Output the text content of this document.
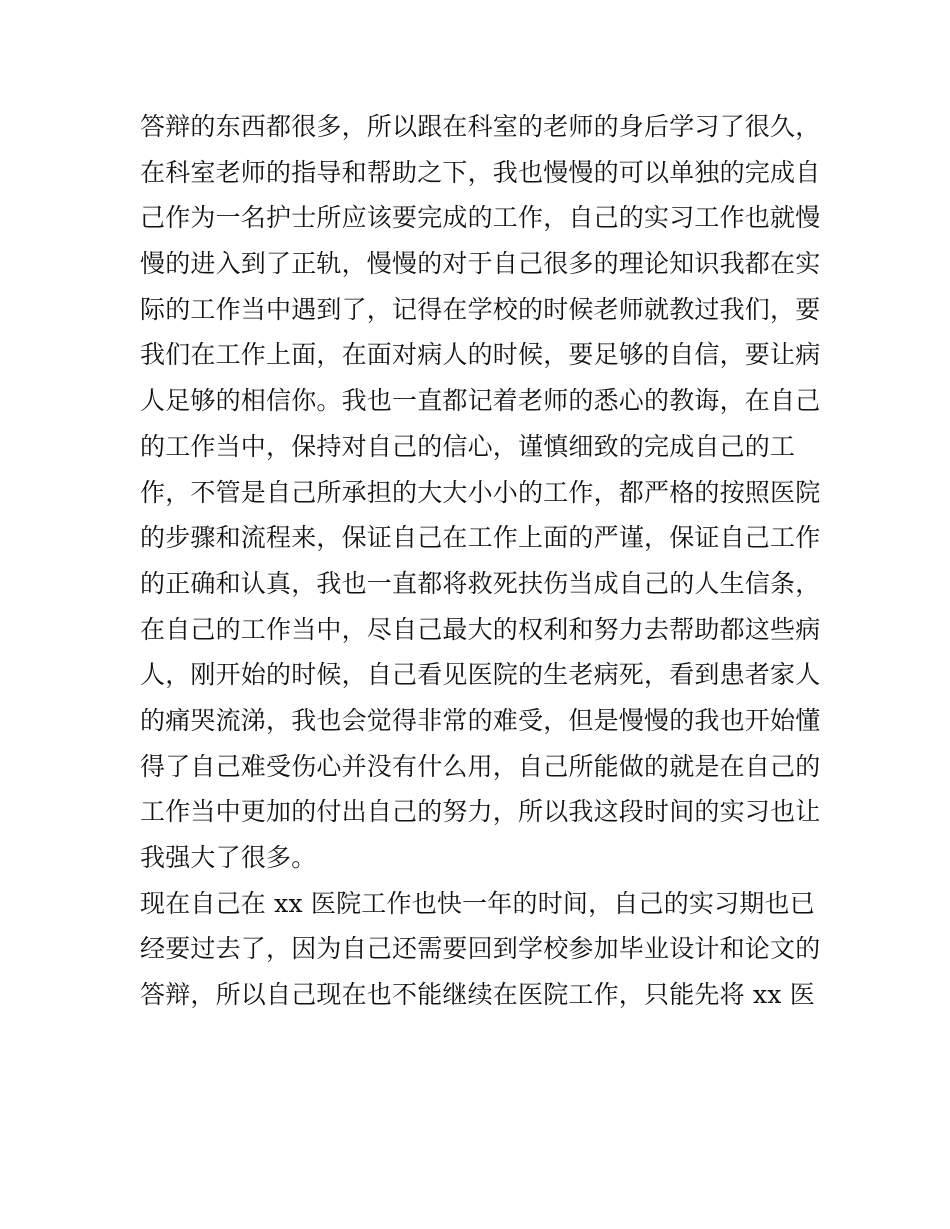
答辩的东西都很多，所以跟在科室的老师的身后学习了很久，
在科室老师的指导和帮助之下，我也慢慢的可以单独的完成自
己作为一名护士所应该要完成的工作，自己的实习工作也就慢
慢的进入到了正轨，慢慢的对于自己很多的理论知识我都在实
际的工作当中遇到了，记得在学校的时候老师就教过我们，要
我们在工作上面，在面对病人的时候，要足够的自信，要让病
人足够的相信你。我也一直都记着老师的悉心的教诲，在自己
的工作当中，保持对自己的信心，谨慎细致的完成自己的工
作，不管是自己所承担的大大小小的工作，都严格的按照医院
的步骤和流程来，保证自己在工作上面的严谨，保证自己工作
的正确和认真，我也一直都将救死扶伤当成自己的人生信条，
在自己的工作当中，尽自己最大的权利和努力去帮助都这些病
人，刚开始的时候，自己看见医院的生老病死，看到患者家人
的痛哭流涕，我也会觉得非常的难受，但是慢慢的我也开始懂
得了自己难受伤心并没有什么用，自己所能做的就是在自己的
工作当中更加的付出自己的努力，所以我这段时间的实习也让
我强大了很多。
现在自己在 xx 医院工作也快一年的时间，自己的实习期也已
经要过去了，因为自己还需要回到学校参加毕业设计和论文的
答辩，所以自己现在也不能继续在医院工作，只能先将 xx 医
